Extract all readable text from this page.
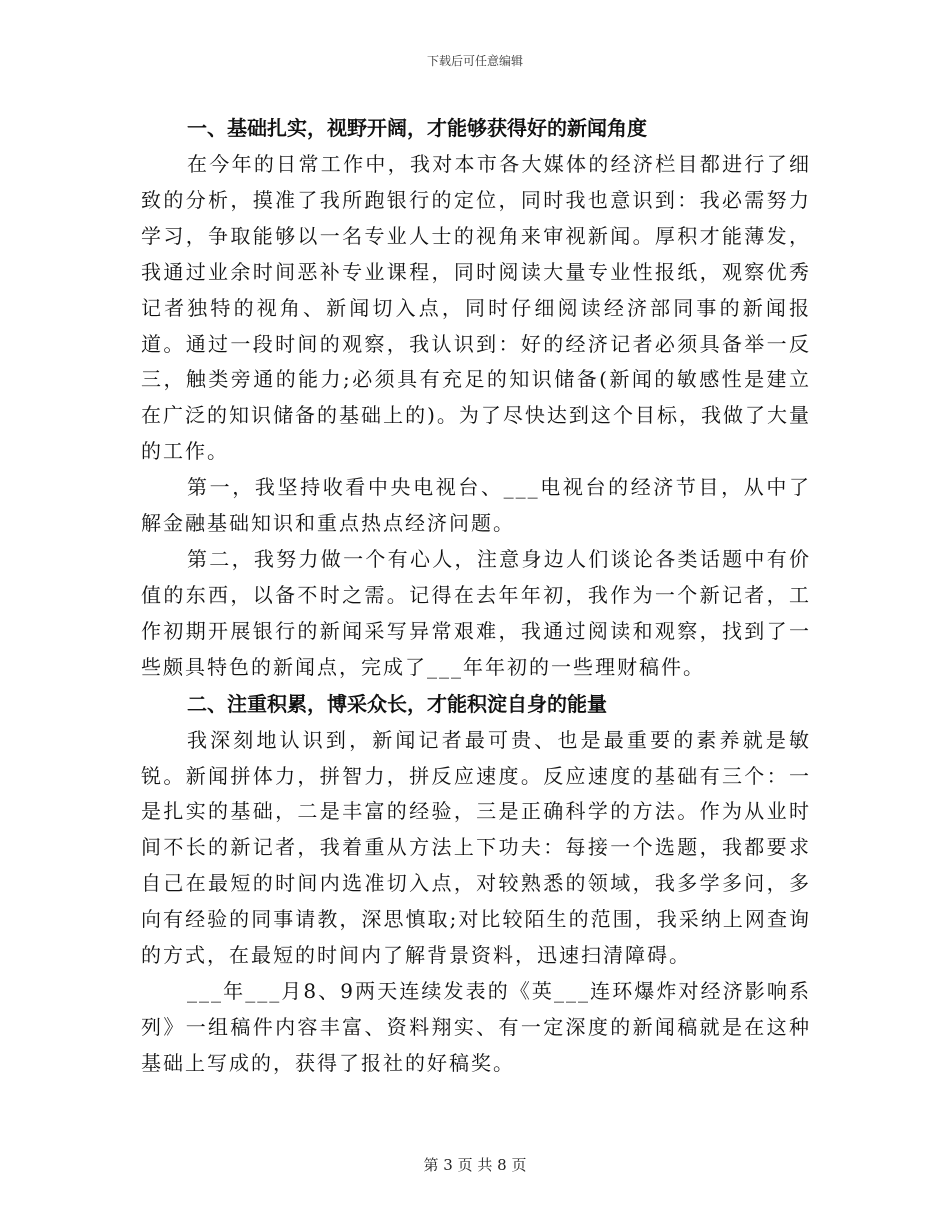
下载后可任意编辑

一、基础扎实，视野开阔，才能够获得好的新闻角度

在今年的日常工作中，我对本市各大媒体的经济栏目都进行了细致的分析，摸准了我所跑银行的定位，同时我也意识到：我必需努力学习，争取能够以一名专业人士的视角来审视新闻。厚积才能薄发，我通过业余时间恶补专业课程，同时阅读大量专业性报纸，观察优秀记者独特的视角、新闻切入点，同时仔细阅读经济部同事的新闻报道。通过一段时间的观察，我认识到：好的经济记者必须具备举一反三，触类旁通的能力;必须具有充足的知识储备(新闻的敏感性是建立在广泛的知识储备的基础上的)。为了尽快达到这个目标，我做了大量的工作。

第一，我坚持收看中央电视台、___电视台的经济节目，从中了解金融基础知识和重点热点经济问题。

第二，我努力做一个有心人，注意身边人们谈论各类话题中有价值的东西，以备不时之需。记得在去年年初，我作为一个新记者，工作初期开展银行的新闻采写异常艰难，我通过阅读和观察，找到了一些颇具特色的新闻点，完成了___年年初的一些理财稿件。

二、注重积累，博采众长，才能积淀自身的能量

我深刻地认识到，新闻记者最可贵、也是最重要的素养就是敏锐。新闻拼体力，拼智力，拼反应速度。反应速度的基础有三个：一是扎实的基础，二是丰富的经验，三是正确科学的方法。作为从业时间不长的新记者，我着重从方法上下功夫：每接一个选题，我都要求自己在最短的时间内选准切入点，对较熟悉的领域，我多学多问，多向有经验的同事请教，深思慎取;对比较陌生的范围，我采纳上网查询的方式，在最短的时间内了解背景资料，迅速扫清障碍。

___年___月8、9两天连续发表的《英___连环爆炸对经济影响系列》一组稿件内容丰富、资料翔实、有一定深度的新闻稿就是在这种基础上写成的，获得了报社的好稿奖。

第 3 页 共 8 页
